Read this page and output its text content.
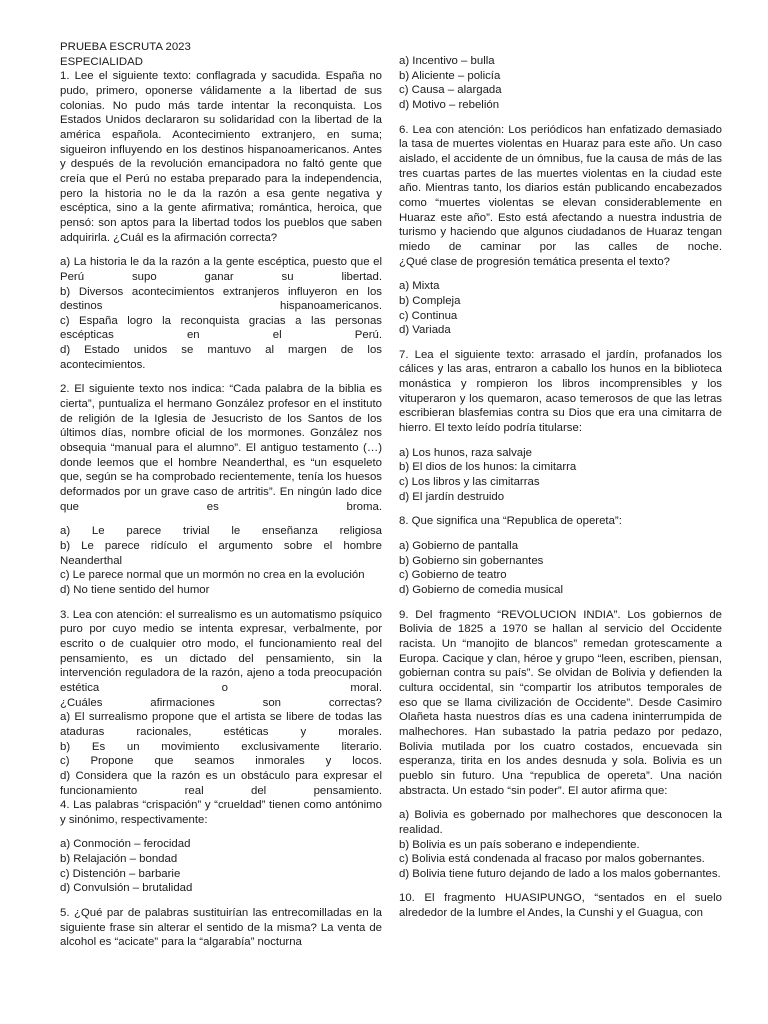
PRUEBA ESCRUTA 2023

ESPECIALIDAD

1. Lee el siguiente texto: conflagrada y sacudida. España no pudo, primero, oponerse válidamente a la libertad de sus colonias. No pudo más tarde intentar la reconquista. Los Estados Unidos declararon su solidaridad con la libertad de la américa española. Acontecimiento extranjero, en suma; sigueiron influyendo en los destinos hispanoamericanos. Antes y después de la revolución emancipadora no faltó gente que creía que el Perú no estaba preparado para la independencia, pero la historia no le da la razón a esa gente negativa y escéptica, sino a la gente afirmativa; romántica, heroica, que pensó: son aptos para la libertad todos los pueblos que saben adquirirla. ¿Cuál es la afirmación correcta?

a) La historia le da la razón a la gente escéptica, puesto que el Perú supo ganar su libertad.

b) Diversos acontecimientos extranjeros influyeron en los destinos hispanoamericanos.

c) España logro la reconquista gracias a las personas escépticas en el Perú.

d) Estado unidos se mantuvo al margen de los acontecimientos.

2. El siguiente texto nos indica: “Cada palabra de la biblia es cierta”, puntualiza el hermano González profesor en el instituto de religión de la Iglesia de Jesucristo de los Santos de los últimos días, nombre oficial de los mormones. González nos obsequia “manual para el alumno”. El antiguo testamento (…) donde leemos que el hombre Neanderthal, es “un esqueleto que, según se ha comprobado recientemente, tenía los huesos deformados por un grave caso de artritis”. En ningún lado dice que es broma.

a) Le parece trivial le enseñanza religiosa

b) Le parece ridículo el argumento sobre el hombre Neanderthal

c) Le parece normal que un mormón no crea en la evolución

d) No tiene sentido del humor

3. Lea con atención: el surrealismo es un automatismo psíquico puro por cuyo medio se intenta expresar, verbalmente, por escrito o de cualquier otro modo, el funcionamiento real del pensamiento, es un dictado del pensamiento, sin la intervención reguladora de la razón, ajeno a toda preocupación estética o moral.

¿Cuáles afirmaciones son correctas?

a) El surrealismo propone que el artista se libere de todas las ataduras racionales, estéticas y morales.

b) Es un movimiento exclusivamente literario.

c) Propone que seamos inmorales y locos.

d) Considera que la razón es un obstáculo para expresar el funcionamiento real del pensamiento.

4. Las palabras “crispación” y “crueldad” tienen como antónimo y sinónimo, respectivamente:

a) Conmoción – ferocidad

b) Relajación – bondad

c) Distención – barbarie

d) Convulsión – brutalidad

5. ¿Qué par de palabras sustituirían las entrecomilladas en la siguiente frase sin alterar el sentido de la misma? La venta de alcohol es “acicate” para la “algarabía” nocturna

a) Incentivo – bulla

b) Aliciente – policía

c) Causa – alargada

d) Motivo – rebelión

6. Lea con atención: Los periódicos han enfatizado demasiado la tasa de muertes violentas en Huaraz para este año. Un caso aislado, el accidente de un ómnibus, fue la causa de más de las tres cuartas partes de las muertes violentas en la ciudad este año. Mientras tanto, los diarios están publicando encabezados como “muertes violentas se elevan considerablemente en Huaraz este año”. Esto está afectando a nuestra industria de turismo y haciendo que algunos ciudadanos de Huaraz tengan miedo de caminar por las calles de noche.

¿Qué clase de progresión temática presenta el texto?

a) Mixta

b) Compleja

c) Continua

d) Variada

7. Lea el siguiente texto: arrasado el jardín, profanados los cálices y las aras, entraron a caballo los hunos en la biblioteca monástica y rompieron los libros incomprensibles y los vituperaron y los quemaron, acaso temerosos de que las letras escribieran blasfemias contra su Dios que era una cimitarra de hierro. El texto leído podría titularse:

a) Los hunos, raza salvaje

b) El dios de los hunos: la cimitarra

c) Los libros y las cimitarras

d) El jardín destruido

8. Que significa una “Republica de opereta”:

a) Gobierno de pantalla

b) Gobierno sin gobernantes

c) Gobierno de teatro

d) Gobierno de comedia musical

9. Del fragmento “REVOLUCION INDIA”. Los gobiernos de Bolivia de 1825 a 1970 se hallan al servicio del Occidente racista. Un “manojito de blancos” remedan grotescamente a Europa. Cacique y clan, héroe y grupo “leen, escriben, piensan, gobiernan contra su país”. Se olvidan de Bolivia y defienden la cultura occidental, sin “compartir los atributos temporales de eso que se llama civilización de Occidente”. Desde Casimiro Olañeta hasta nuestros días es una cadena ininterrumpida de malhechores. Han subastado la patria pedazo por pedazo, Bolivia mutilada por los cuatro costados, encuevada sin esperanza, tirita en los andes desnuda y sola. Bolivia es un pueblo sin futuro. Una “republica de opereta”. Una nación abstracta. Un estado “sin poder”. El autor afirma que:

a) Bolivia es gobernado por malhechores que desconocen la realidad.

b) Bolivia es un país soberano e independiente.

c) Bolivia está condenada al fracaso por malos gobernantes.

d) Bolivia tiene futuro dejando de lado a los malos gobernantes.

10. El fragmento HUASIPUNGO, “sentados en el suelo alrededor de la lumbre el Andes, la Cunshi y el Guagua, con
